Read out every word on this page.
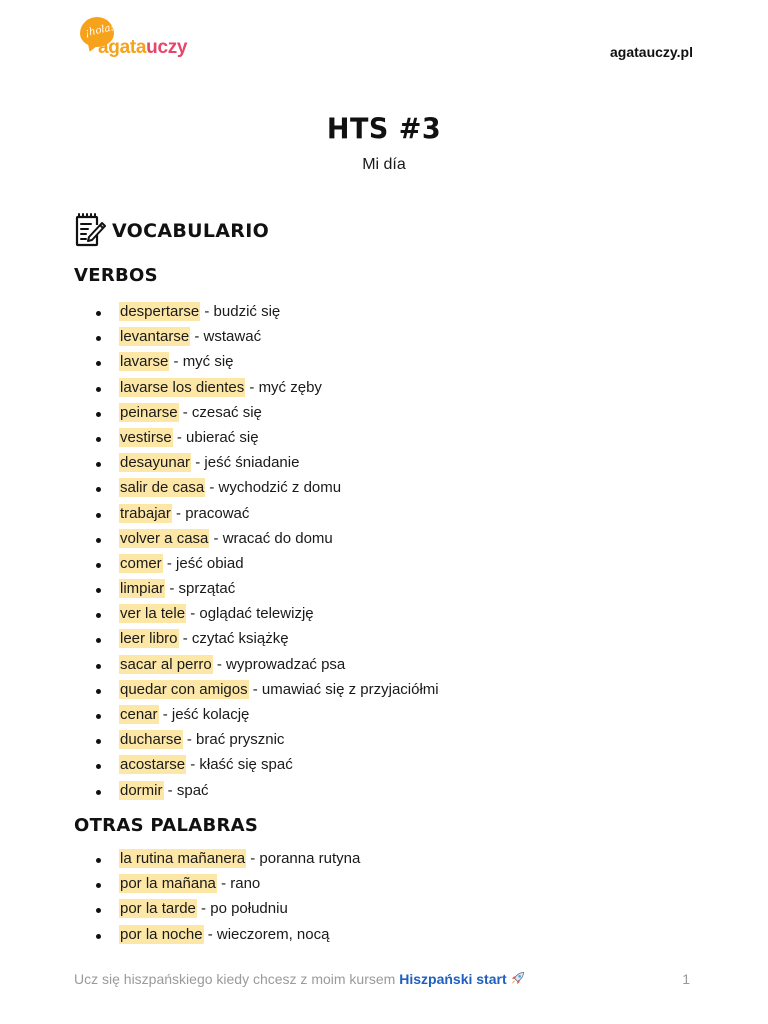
¡hola!
agatauczy	agatauczy.pl
HTS #3
Mi día
VOCABULARIO
VERBOS
despertarse - budzić się
levantarse - wstawać
lavarse - myć się
lavarse los dientes - myć zęby
peinarse - czesać się
vestirse - ubierać się
desayunar - jeść śniadanie
salir de casa - wychodzić z domu
trabajar - pracować
volver a casa - wracać do domu
comer - jeść obiad
limpiar - sprzątać
ver la tele - oglądać telewizję
leer libro - czytać książkę
sacar al perro - wyprowadzać psa
quedar con amigos - umawiać się z przyjaciółmi
cenar - jeść kolację
ducharse - brać prysznic
acostarse - kłaść się spać
dormir - spać
OTRAS PALABRAS
la rutina mañanera - poranna rutyna
por la mañana - rano
por la tarde - po południu
por la noche - wieczorem, nocą
Ucz się hiszpańskiego kiedy chcesz z moim kursem Hiszpański start	1
